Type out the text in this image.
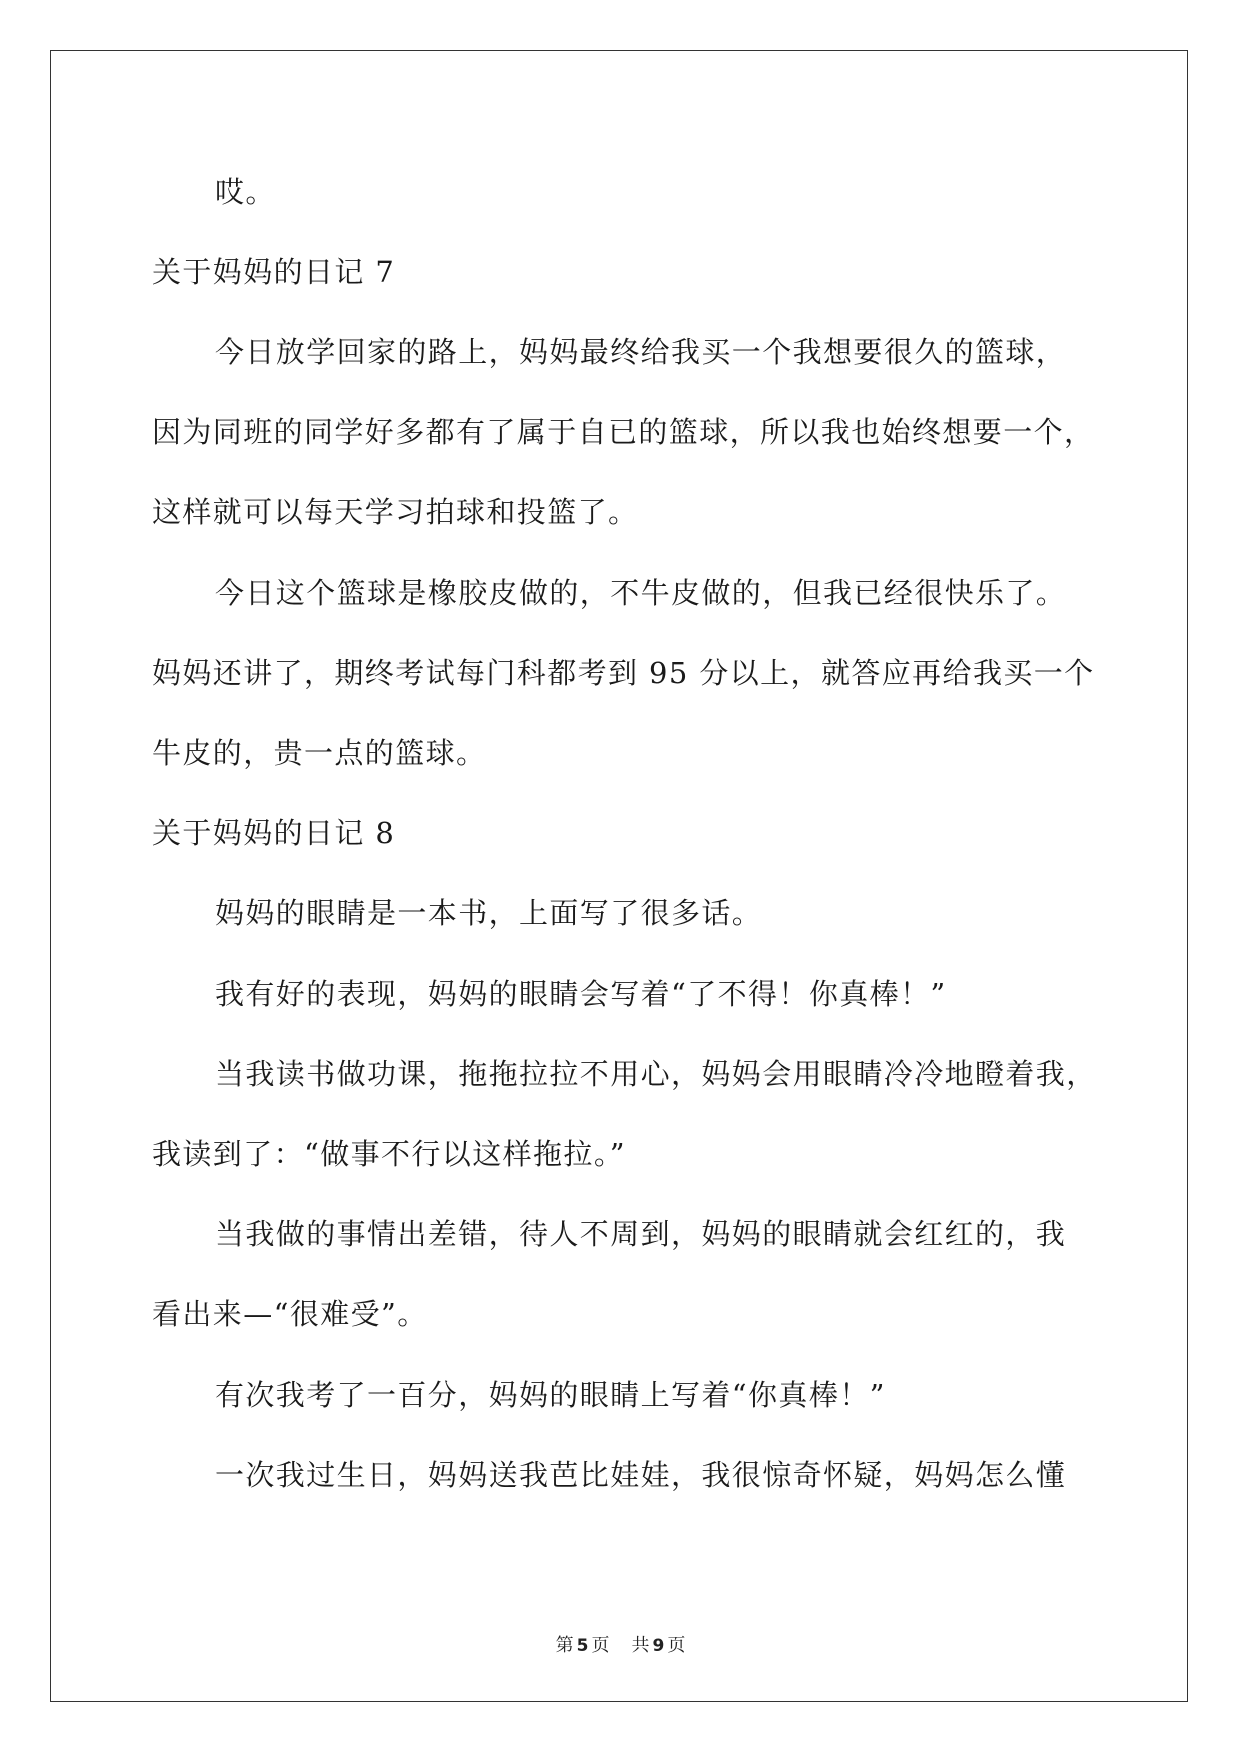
哎。
关于妈妈的日记 7
今日放学回家的路上，妈妈最终给我买一个我想要很久的篮球，
因为同班的同学好多都有了属于自已的篮球，所以我也始终想要一个，
这样就可以每天学习拍球和投篮了。
今日这个篮球是橡胶皮做的，不牛皮做的，但我已经很快乐了。
妈妈还讲了，期终考试每门科都考到 95 分以上，就答应再给我买一个
牛皮的，贵一点的篮球。
关于妈妈的日记 8
妈妈的眼睛是一本书，上面写了很多话。
我有好的表现，妈妈的眼睛会写着“了不得！你真棒！”
当我读书做功课，拖拖拉拉不用心，妈妈会用眼睛冷冷地瞪着我，
我读到了：“做事不行以这样拖拉。”
当我做的事情出差错，待人不周到，妈妈的眼睛就会红红的，我
看出来—“很难受”。
有次我考了一百分，妈妈的眼睛上写着“你真棒！”
一次我过生日，妈妈送我芭比娃娃，我很惊奇怀疑，妈妈怎么懂
第 5 页 共 9 页
